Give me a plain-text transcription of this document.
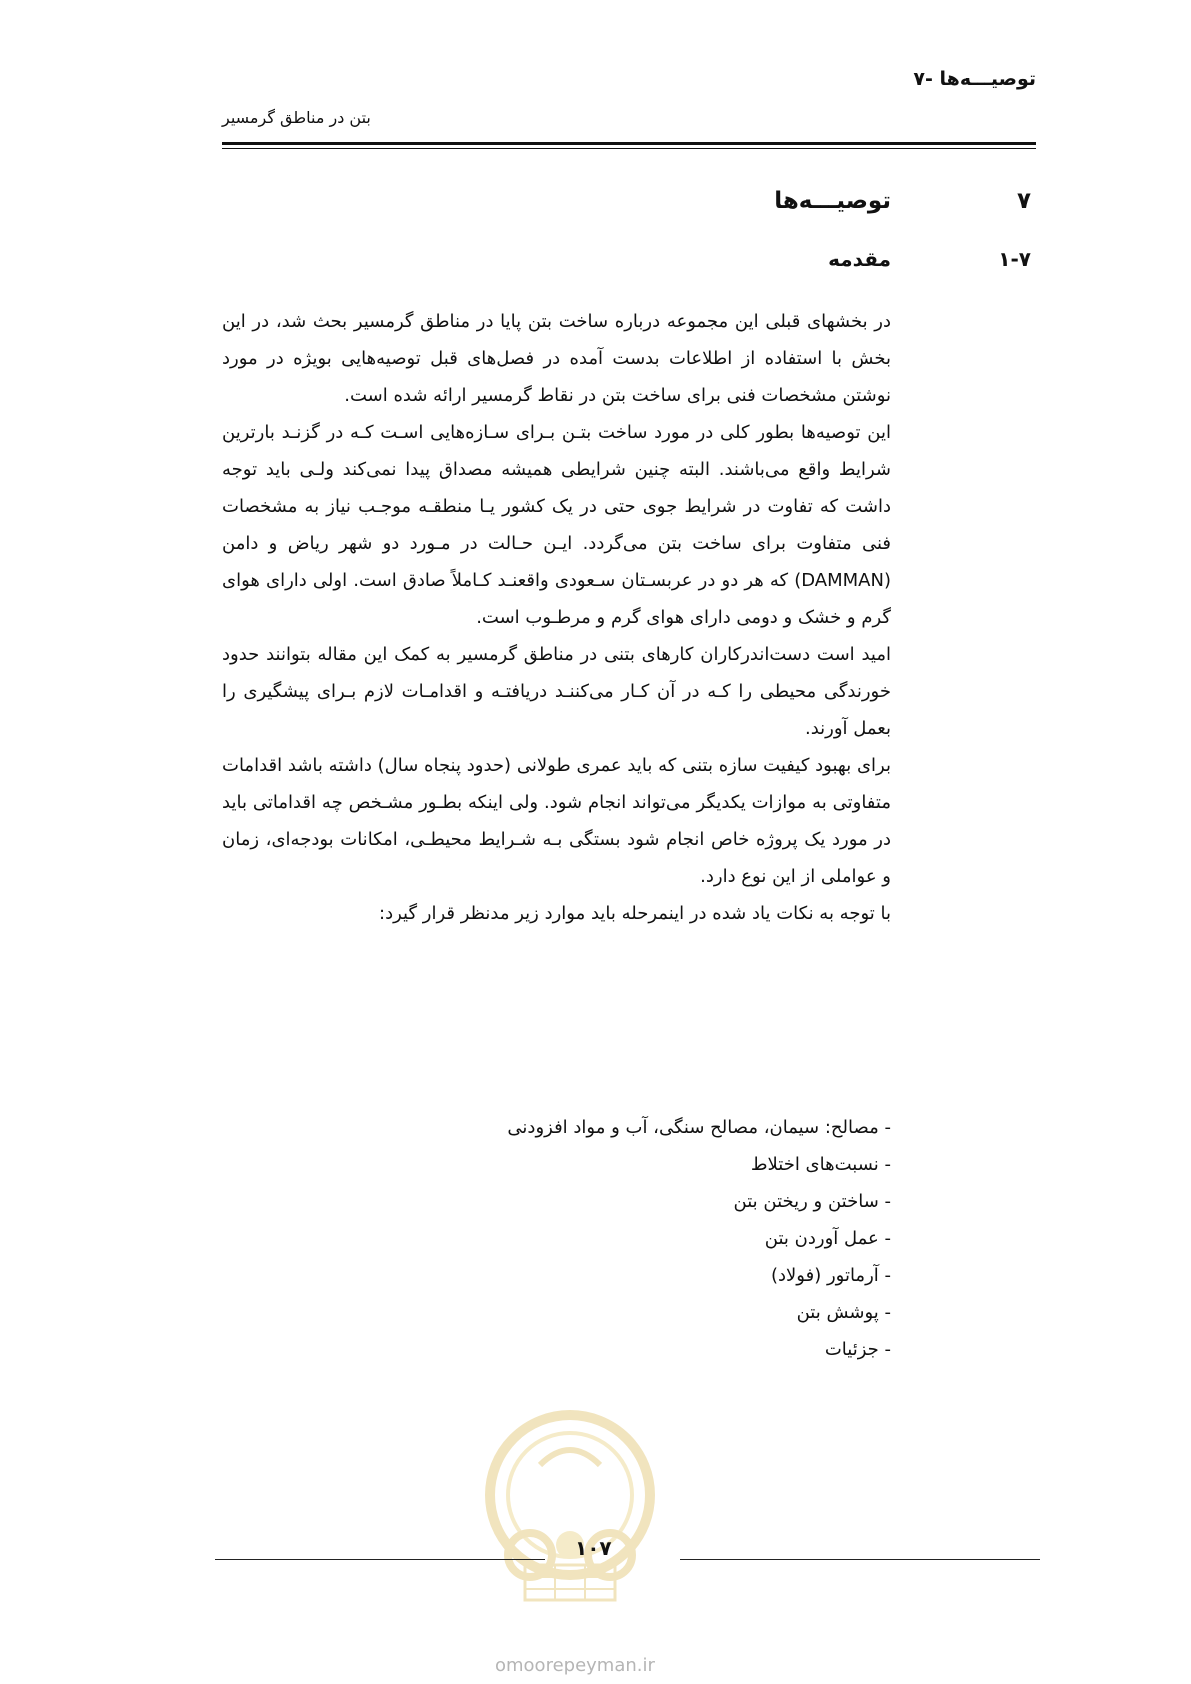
۷- توصیـــه‌ها
بتن در مناطق گرمسیر
۷
توصیـــه‌ها
۱-۷
مقدمه

در بخشهای قبلی این مجموعه درباره ساخت بتن پایا در مناطق گرمسیر بحث شد، در این بخش با استفاده از اطلاعات بدست آمده در فصل‌های قبل توصیه‌هایی بویژه در مورد نوشتن مشخصات فنی برای ساخت بتن در نقاط گرمسیر ارائه شده است.

این توصیه‌ها بطور کلی در مورد ساخت بتـن بـرای سـازه‌هایی اسـت کـه در گزنـد بارترین شرایط واقع می‌باشند. البته چنین شرایطی همیشه مصداق پیدا نمی‌کند ولـی باید توجه داشت که تفاوت در شرایط جوی حتی در یک کشور یـا منطقـه موجـب نیاز به مشخصات فنی متفاوت برای ساخت بتن می‌گردد. ایـن حـالت در مـورد دو شهر ریاض و دامن (DAMMAN) که هر دو در عربسـتان سـعودی واقعنـد کـاملاً صادق است. اولی دارای هوای گرم و خشک و دومی دارای هوای گرم و مرطـوب است.

امید است دست‌اندرکاران کارهای بتنی در مناطق گرمسیر به کمک این مقاله بتوانند حدود خورندگی محیطی را کـه در آن کـار می‌کننـد دریافتـه و اقدامـات لازم بـرای پیشگیری را بعمل آورند.

برای بهبود کیفیت سازه بتنی که باید عمری طولانی (حدود پنجاه سال) داشته باشد اقدامات متفاوتی به موازات یکدیگر می‌تواند انجام شود. ولی اینکه بطـور مشـخص چه اقداماتی باید در مورد یک پروژه خاص انجام شود بستگی بـه شـرایط محیطـی، امکانات بودجه‌ای، زمان و عواملی از این نوع دارد.

با توجه به نکات یاد شده در اینمرحله باید موارد زیر مدنظر قرار گیرد:

- مصالح: سیمان، مصالح سنگی، آب و مواد افزودنی
- نسبت‌های اختلاط
- ساختن و ریختن بتن
- عمل آوردن بتن
- آرماتور (فولاد)
- پوشش بتن
- جزئیات
۱۰۷
omoorepeyman.ir
